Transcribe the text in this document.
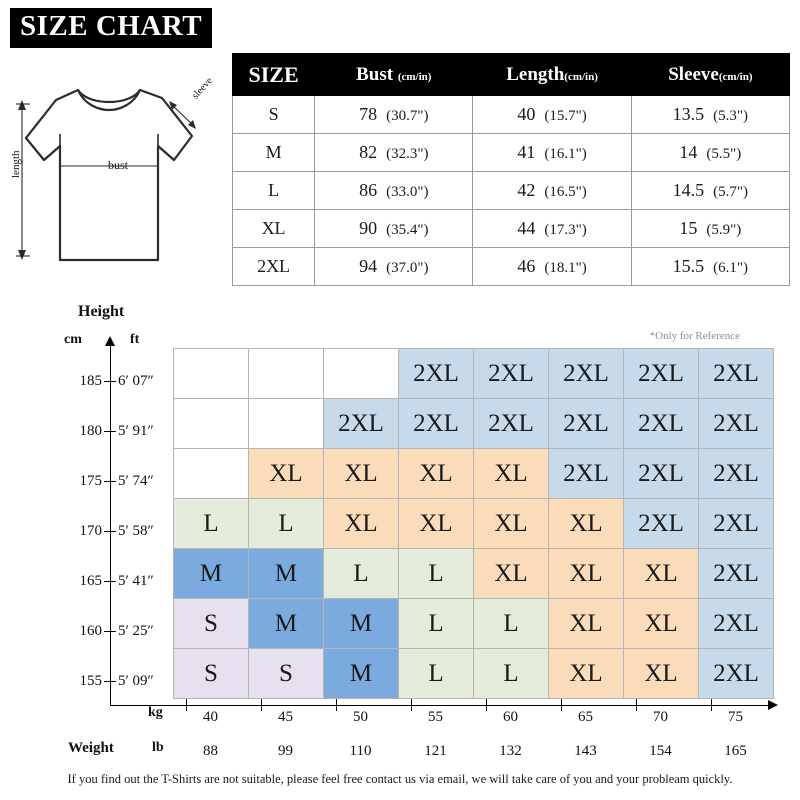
SIZE CHART
length
sleeve
bust
SIZE	Bust (cm/in)	Length(cm/in)	Sleeve(cm/in)
S	78 (30.7")	40 (15.7")	13.5 (5.3")
M	82 (32.3")	41 (16.1")	14 (5.5")
L	86 (33.0")	42 (16.5")	14.5 (5.7")
XL	90 (35.4")	44 (17.3")	15 (5.9")
2XL	94 (37.0")	46 (18.1")	15.5 (6.1")
*Only for Reference
Height
cm	ft
Weight
kg
lb
185 6′ 07″
180 5′ 91″
175 5′ 74″
170 5′ 58″
165 5′ 41″
160 5′ 25″
155 5′ 09″
40
88
45
99
50
110
55
121
60
132
65
143
70
154
75
165
			2XL	2XL	2XL	2XL	2XL
		2XL	2XL	2XL	2XL	2XL	2XL
	XL	XL	XL	XL	2XL	2XL	2XL
L	L	XL	XL	XL	XL	2XL	2XL
M	M	L	L	XL	XL	XL	2XL
S	M	M	L	L	XL	XL	2XL
S	S	M	L	L	XL	XL	2XL
If you find out the T-Shirts are not suitable, please feel free contact us via email, we will take care of you and your probleam quickly.
